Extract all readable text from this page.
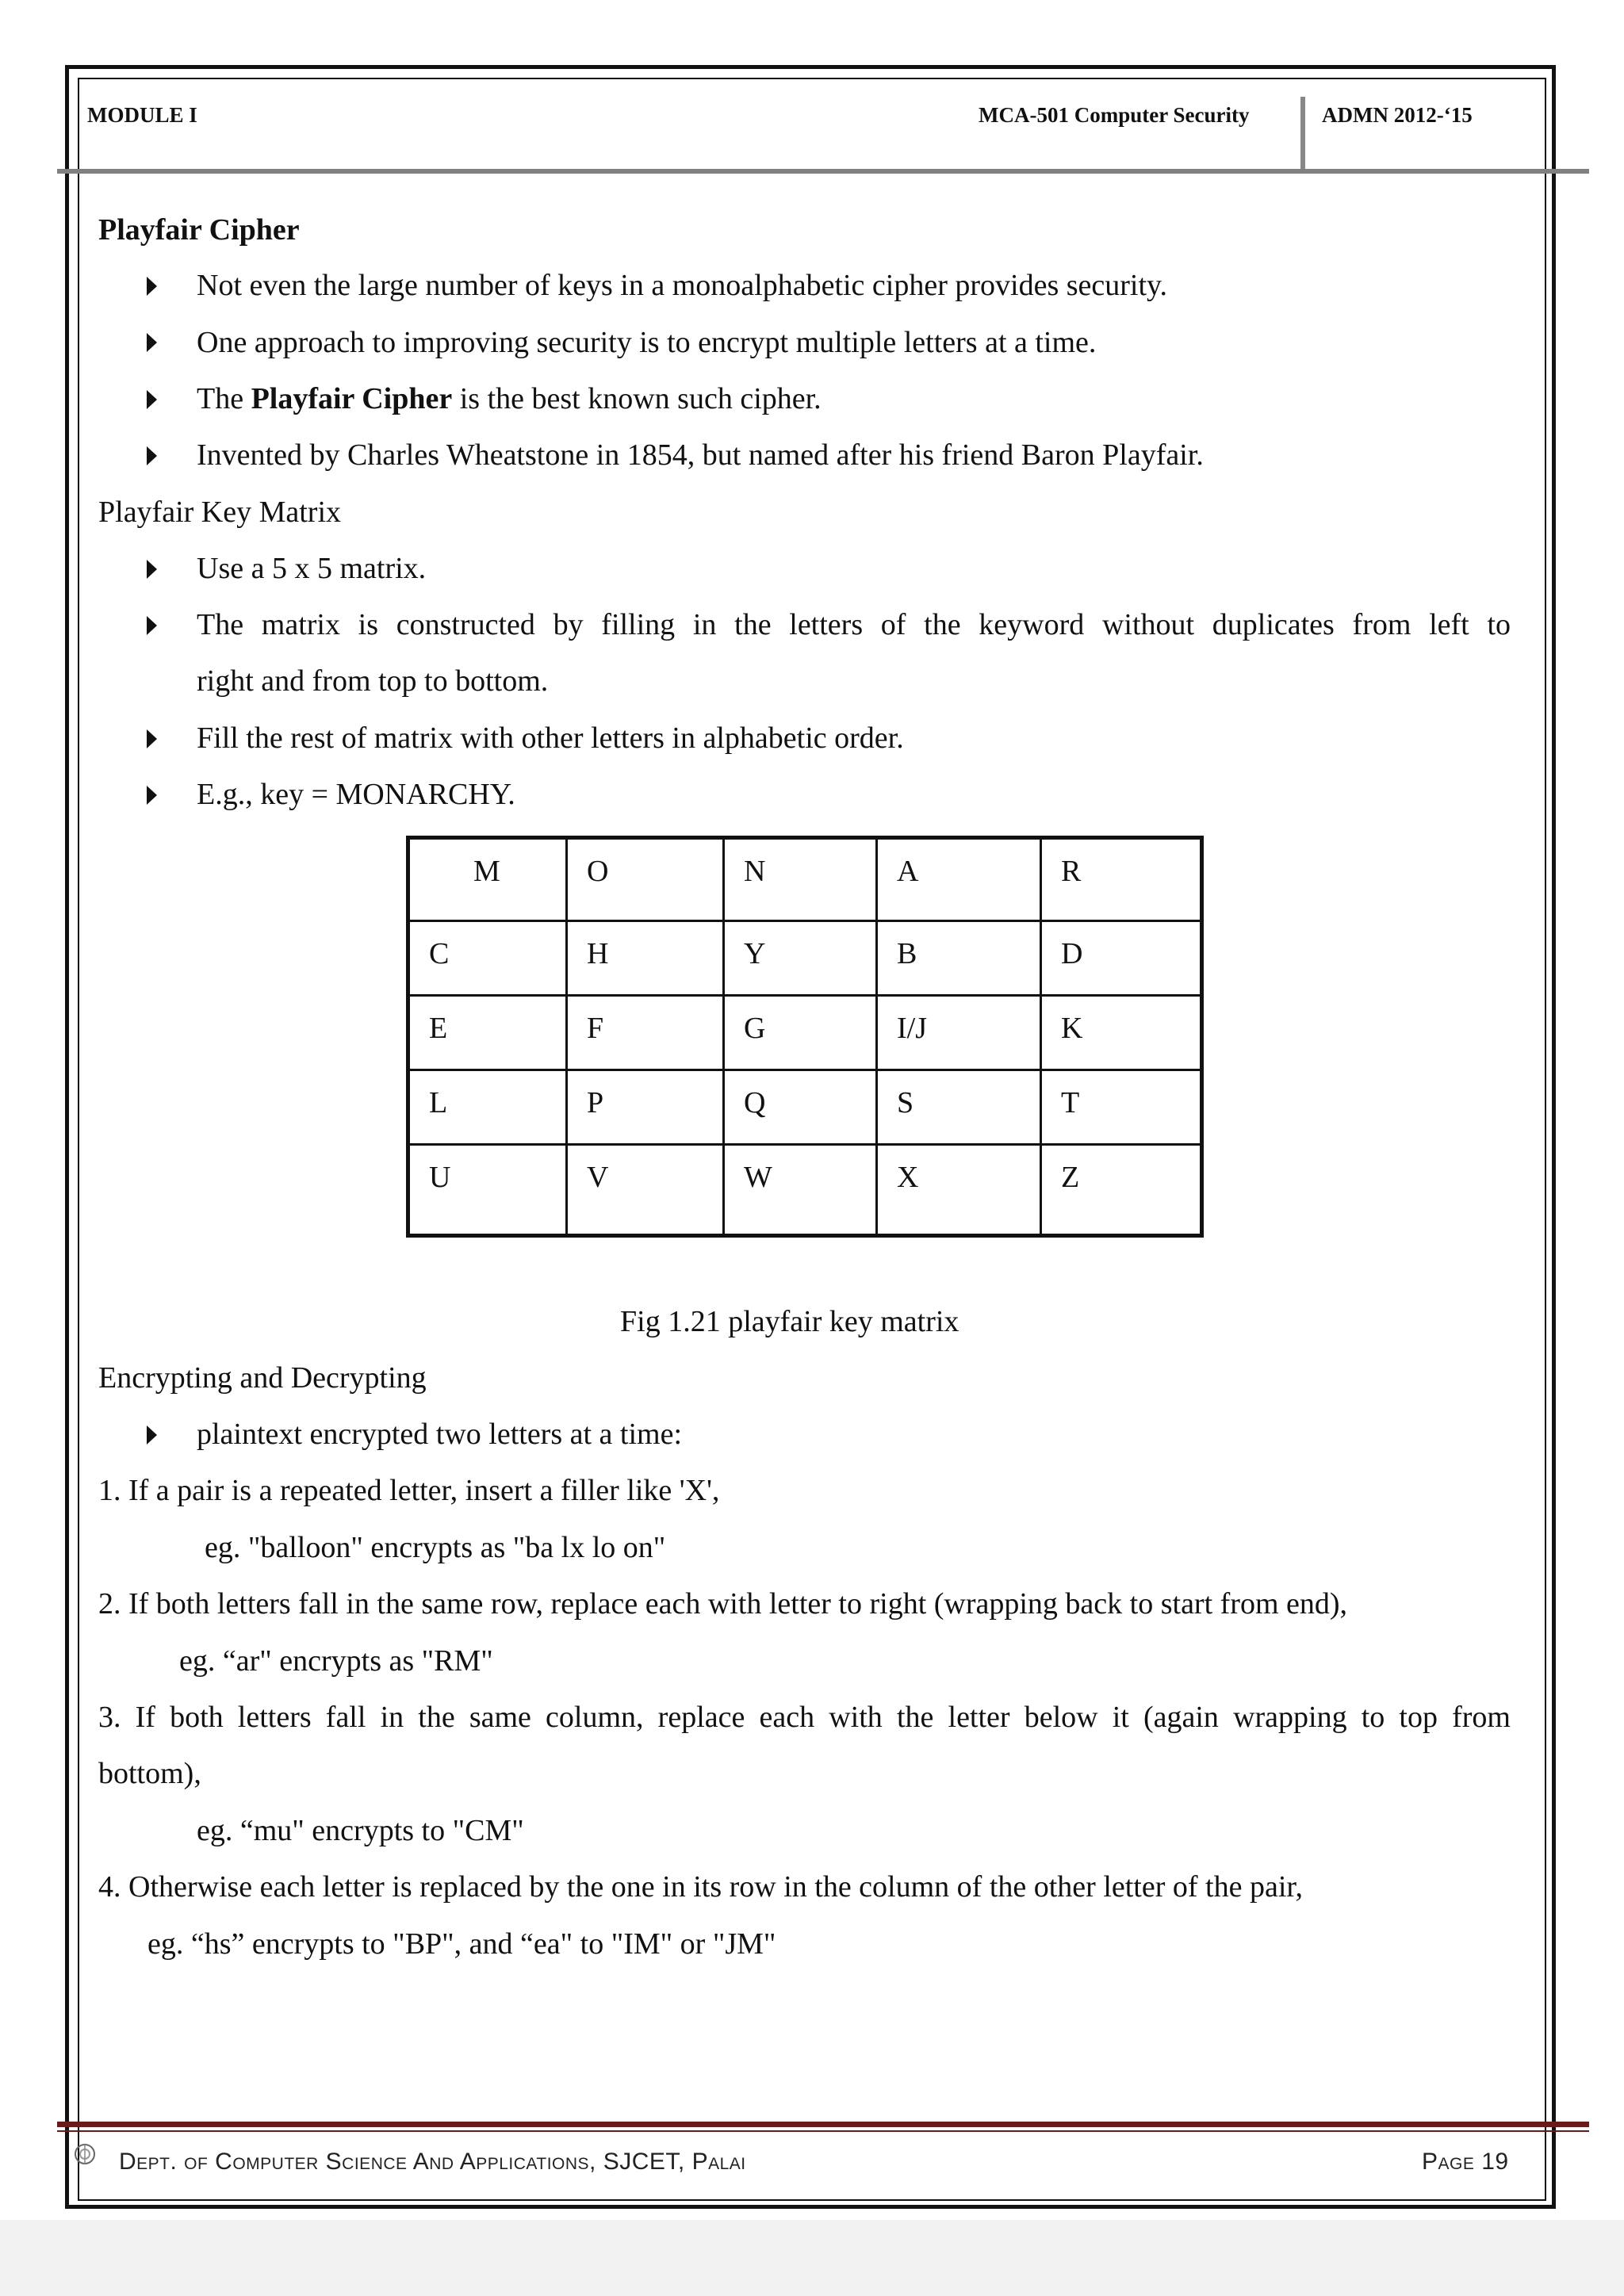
MODULE I	MCA-501 Computer Security	ADMN 2012-‘15
Playfair Cipher
Not even the large number of keys in a monoalphabetic cipher provides security.
One approach to improving security is to encrypt multiple letters at a time.
The Playfair Cipher is the best known such cipher.
Invented by Charles Wheatstone in 1854, but named after his friend Baron Playfair.
Playfair Key Matrix
Use a 5 x 5 matrix.
The matrix is constructed by filling in the letters of the keyword without duplicates from left to
right and from top to bottom.
Fill the rest of matrix with other letters in alphabetic order.
E.g., key = MONARCHY.
M	O	N	A	R
C	H	Y	B	D
E	F	G	I/J	K
L	P	Q	S	T
U	V	W	X	Z
Fig 1.21 playfair key matrix
Encrypting and Decrypting
plaintext encrypted two letters at a time:
1. If a pair is a repeated letter, insert a filler like 'X',
eg. "balloon" encrypts as "ba lx lo on"
2. If both letters fall in the same row, replace each with letter to right (wrapping back to start from end),
eg. “ar" encrypts as "RM"
3. If both letters fall in the same column, replace each with the letter below it (again wrapping to top from
bottom),
eg. “mu" encrypts to "CM"
4. Otherwise each letter is replaced by the one in its row in the column of the other letter of the pair,
eg. “hs” encrypts to "BP", and “ea" to "IM" or "JM"
Dept. of Computer Science And Applications, SJCET, Palai	Page 19
